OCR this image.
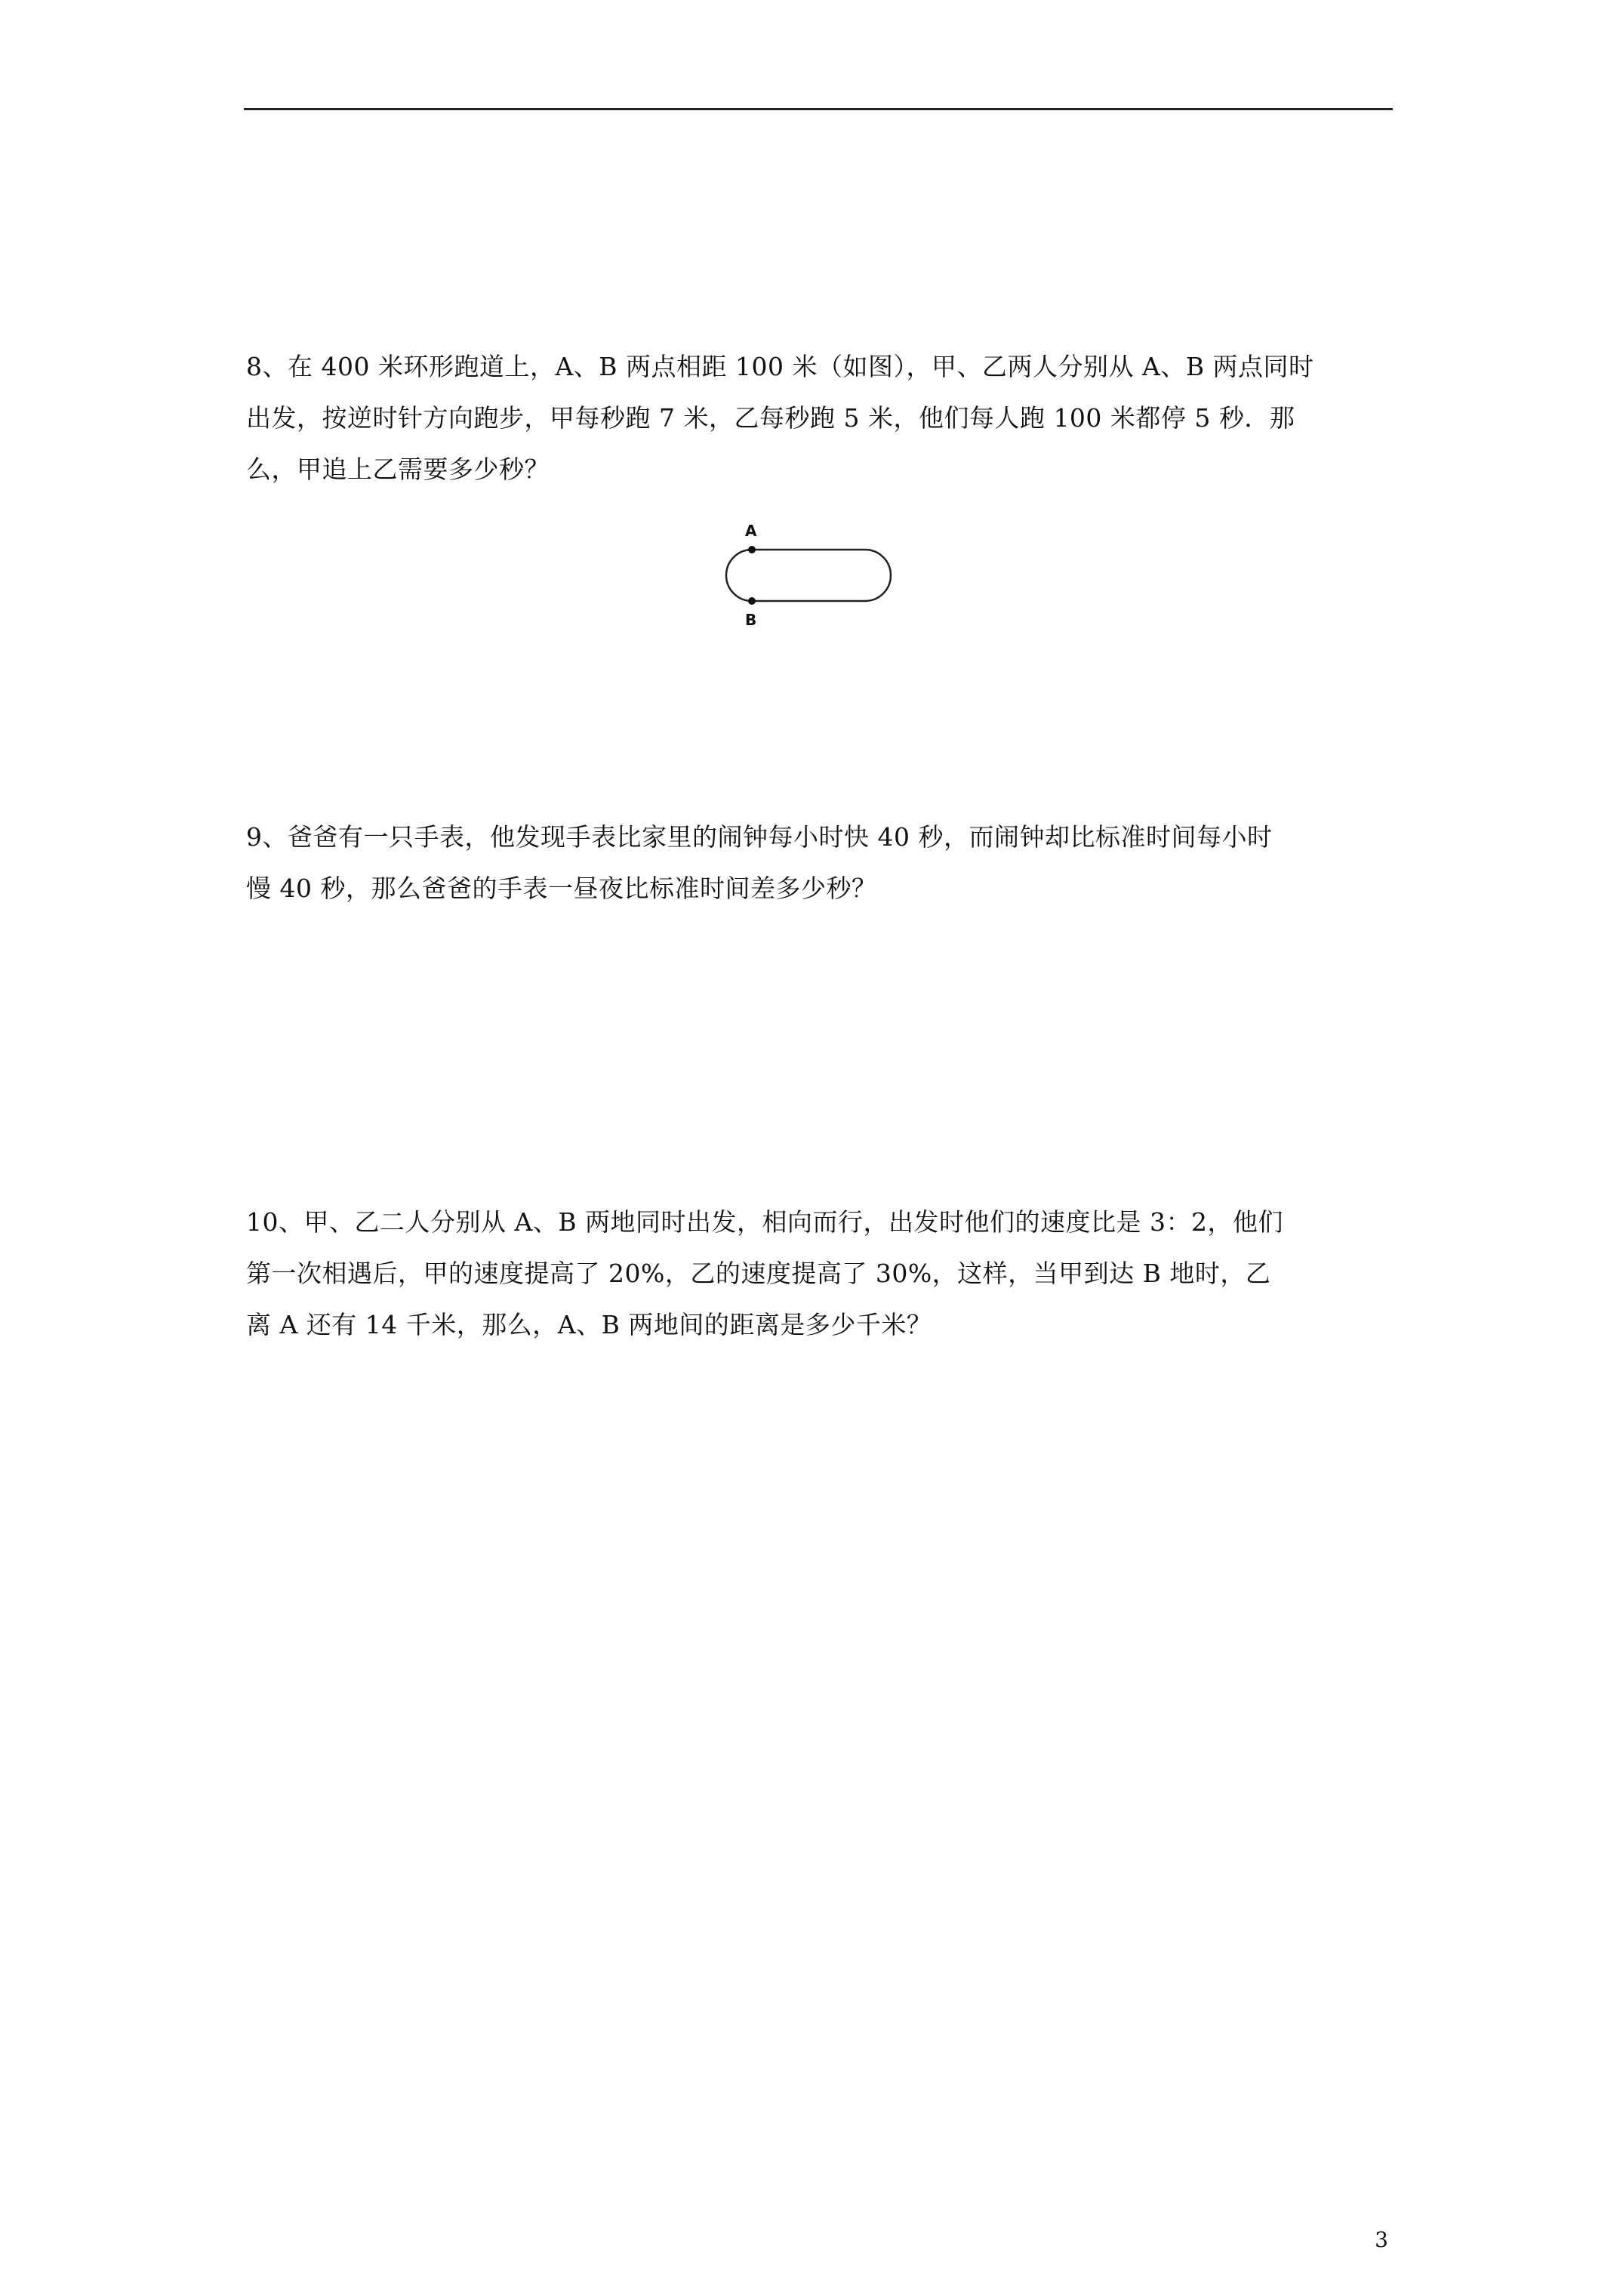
8、在 400 米环形跑道上，A、B 两点相距 100 米（如图），甲、乙两人分别从 A、B 两点同时

出发，按逆时针方向跑步，甲每秒跑 7 米，乙每秒跑 5 米，他们每人跑 100 米都停 5 秒．那

么，甲追上乙需要多少秒？

A
B

9、爸爸有一只手表，他发现手表比家里的闹钟每小时快 40 秒，而闹钟却比标准时间每小时

慢 40 秒，那么爸爸的手表一昼夜比标准时间差多少秒？

10、甲、乙二人分别从 A、B 两地同时出发，相向而行，出发时他们的速度比是 3：2，他们

第一次相遇后，甲的速度提高了 20%，乙的速度提高了 30%，这样，当甲到达 B 地时，乙

离 A 还有 14 千米，那么，A、B 两地间的距离是多少千米？

3
